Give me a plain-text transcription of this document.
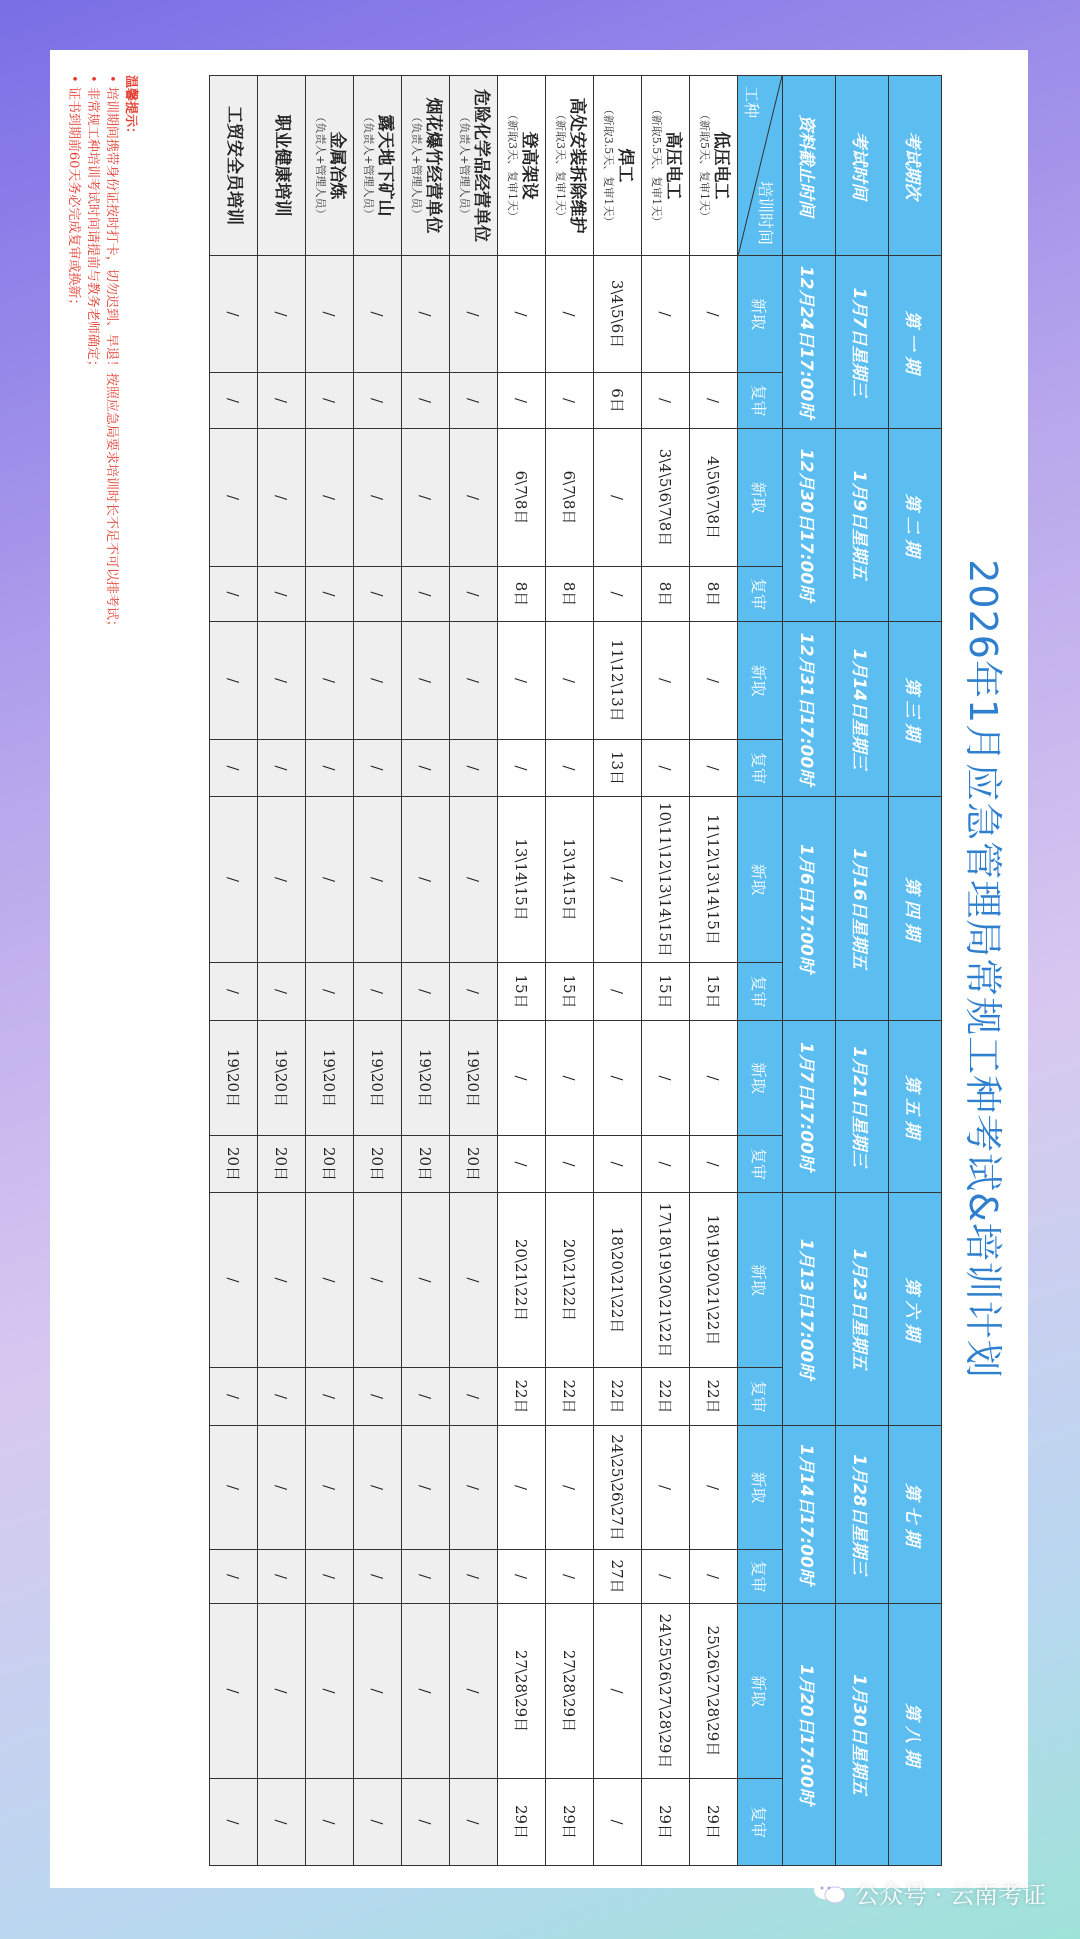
2026年1月应急管理局常规工种考试&培训计划
考试期次	第 一 期		第 二 期		第 三 期		第 四 期		第 五 期		第 六 期		第 七 期		第 八 期	
考试时间	1月7日星期三		1月9日星期五		1月14日星期三		1月16日星期五		1月21日星期三		1月23日星期五		1月28日星期三		1月30日星期五	
资料截止时间	12月24日17:00时		12月30日17:00时		12月31日17:00时		1月6日17:00时		1月7日17:00时		1月13日17:00时		1月14日17:00时		1月20日17:00时	

培训时间
工种	新取	复审	新取	复审	新取	复审	新取	复审	新取	复审	新取	复审	新取	复审	新取	复审

低压电工
（新取5天、复审1天）	/	/	4\5\6\7\8日	8日	/	/	11\12\13\14\15日	15日	/	/	18\19\20\21\22日	22日	/	/	25\26\27\28\29日	29日

高压电工
（新取5.5天、复审1天）	/	/	3\4\5\6\7\8日	8日	/	/	10\11\12\13\14\15日	15日	/	/	17\18\19\20\21\22日	22日	/	/	24\25\26\27\28\29日	29日

焊工
（新取3.5天、复审1天）	3\4\5\6日	6日	/	/	11\12\13日	13日	/	/	/	/	18\20\21\22日	22日	24\25\26\27日	27日	/	/

高处安装拆除维护
（新取3天、复审1天）	/	/	6\7\8日	8日	/	/	13\14\15日	15日	/	/	20\21\22日	22日	/	/	27\28\29日	29日

登高架设
（新取3天、复审1天）	/	/	6\7\8日	8日	/	/	13\14\15日	15日	/	/	20\21\22日	22日	/	/	27\28\29日	29日

危险化学品经营单位
（负责人+管理人员）	/	/	/	/	/	/	/	/	19\20日	20日	/	/	/	/	/	/

烟花爆竹经营单位
（负责人+管理人员）	/	/	/	/	/	/	/	/	19\20日	20日	/	/	/	/	/	/

露天地下矿山
（负责人+管理人员）	/	/	/	/	/	/	/	/	19\20日	20日	/	/	/	/	/	/

金属冶炼
（负责人+管理人员）	/	/	/	/	/	/	/	/	19\20日	20日	/	/	/	/	/	/

职业健康培训	/	/	/	/	/	/	/	/	19\20日	20日	/	/	/	/	/	/

工贸安全员培训	/	/	/	/	/	/	/	/	19\20日	20日	/	/	/	/	/	/
温馨提示：
• 培训期间携带身份证按时打卡，切勿迟到、早退！按照应急局要求培训时长不足不可以排考试；
• 非常规工种培训考试时间请提前与教务老师确定；
• 证书到期前60天务必完成复审或换新；
公众号 · 云南考证
